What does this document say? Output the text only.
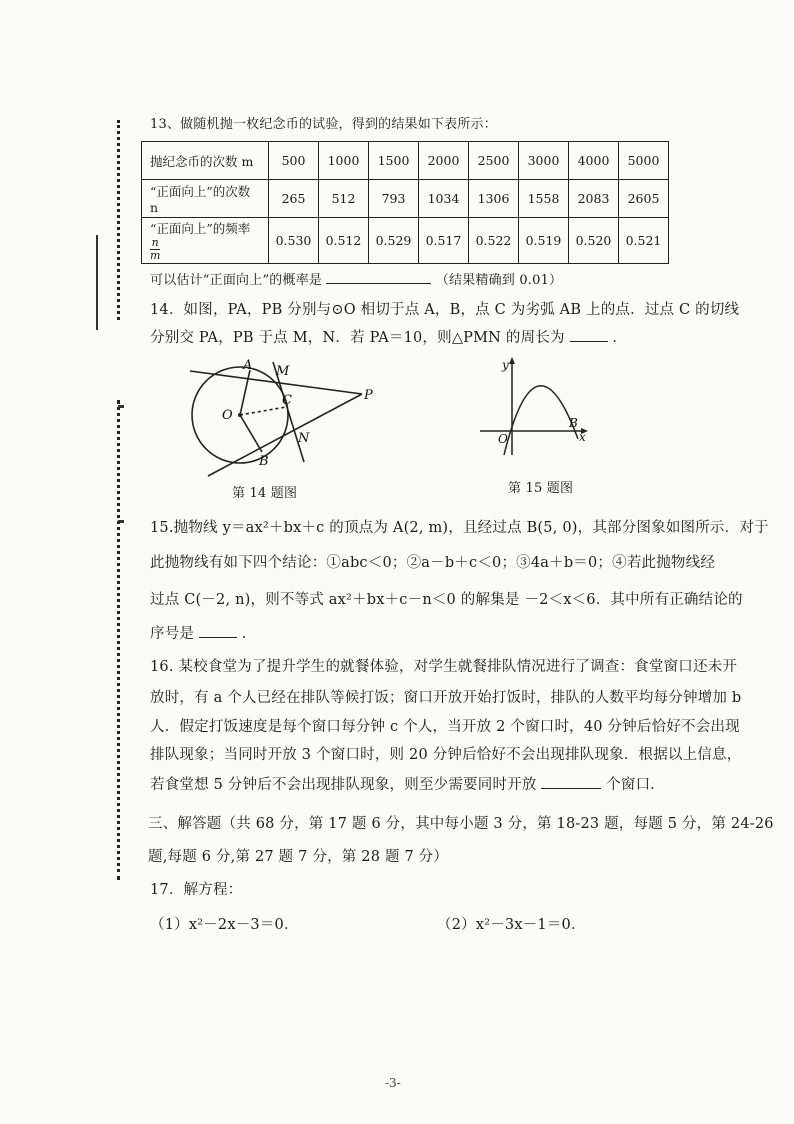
13、做随机抛一枚纪念币的试验，得到的结果如下表所示：
抛纪念币的次数 m	500	1000	1500	2000	2500	3000	4000	5000
“正面向上”的次数 n	265	512	793	1034	1306	1558	2083	2605
“正面向上”的频率
$\frac{n}{m}$	0.530	0.512	0.529	0.517	0.522	0.519	0.520	0.521
可以估计“正面向上”的概率是	（结果精确到 0.01）
14．如图，PA，PB 分别与⊙O 相切于点 A，B，点 C 为劣弧 AB 上的点．过点 C 的切线
分别交 PA，PB 于点 M，N．若 PA＝10，则△PMN 的周长为	．
A M
O
C	P
N
B
第 14 题图
y
O
B
x
第 15 题图
15.抛物线 y＝ax²＋bx＋c 的顶点为 A(2, m)，且经过点 B(5, 0)，其部分图象如图所示．对于
此抛物线有如下四个结论：①abc＜0；②a－b＋c＜0；③4a＋b＝0；④若此抛物线经
过点 C(－2, n)，则不等式 ax²＋bx＋c－n＜0 的解集是 －2＜x＜6．其中所有正确结论的
序号是	．
16. 某校食堂为了提升学生的就餐体验，对学生就餐排队情况进行了调查：食堂窗口还未开
放时，有 a 个人已经在排队等候打饭；窗口开放开始打饭时，排队的人数平均每分钟增加 b
人．假定打饭速度是每个窗口每分钟 c 个人，当开放 2 个窗口时，40 分钟后恰好不会出现
排队现象；当同时开放 3 个窗口时，则 20 分钟后恰好不会出现排队现象．根据以上信息，
若食堂想 5 分钟后不会出现排队现象，则至少需要同时开放	个窗口．
三、解答题（共 68 分，第 17 题 6 分，其中每小题 3 分，第 18-23 题，每题 5 分，第 24-26
题,每题 6 分,第 27 题 7 分，第 28 题 7 分）
17．解方程：
（1）x²－2x－3＝0．	（2）x²－3x－1＝0．
-3-
